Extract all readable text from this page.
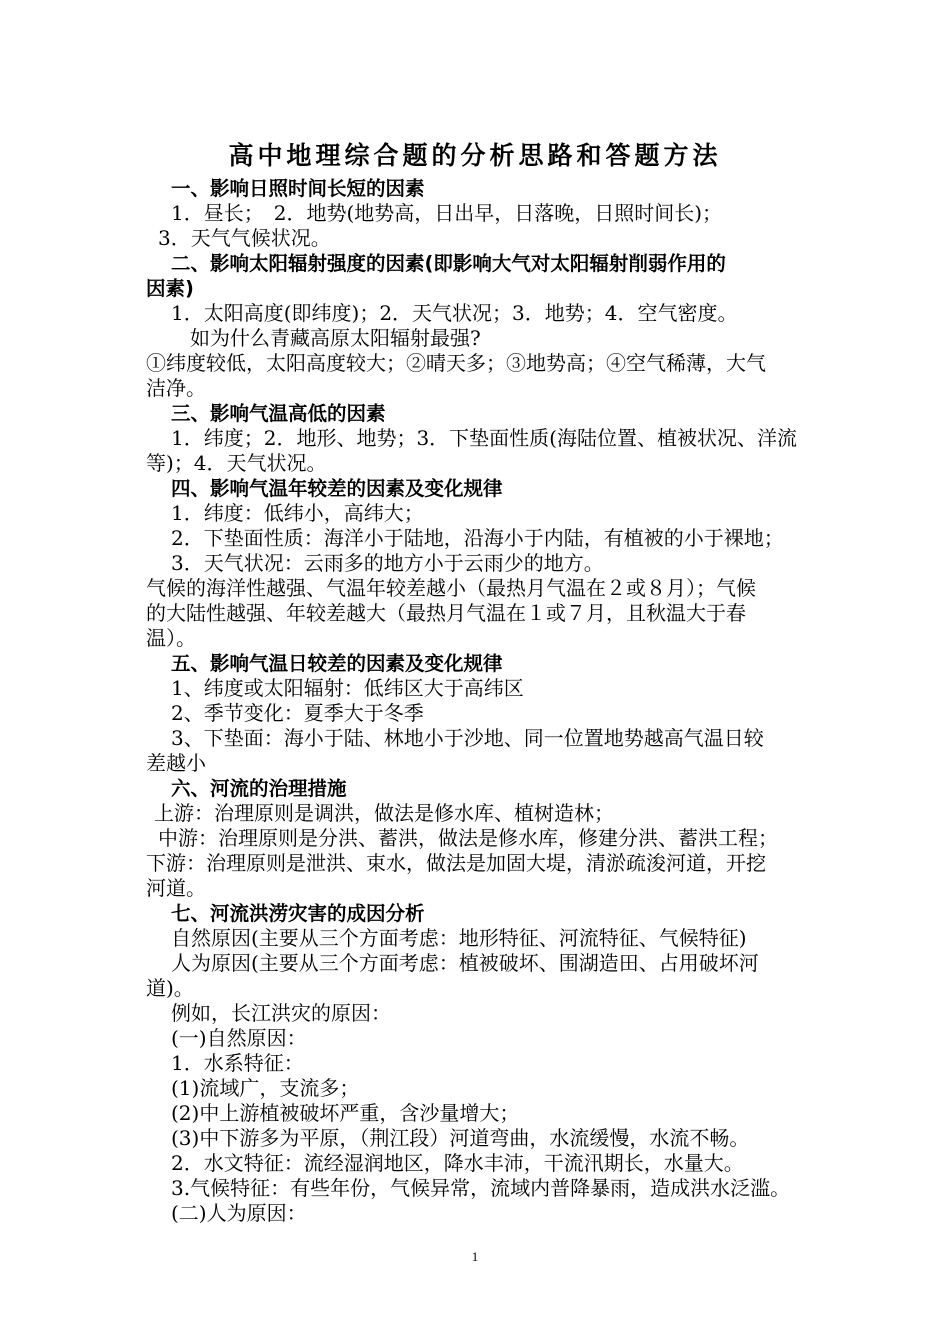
高中地理综合题的分析思路和答题方法
一、影响日照时间长短的因素
1．昼长；　2．地势(地势高，日出早，日落晚，日照时间长)；
3．天气气候状况。
二、影响太阳辐射强度的因素(即影响大气对太阳辐射削弱作用的
因素)
1．太阳高度(即纬度)；2．天气状况；3．地势；4．空气密度。
如为什么青藏高原太阳辐射最强?
①纬度较低，太阳高度较大；②晴天多；③地势高；④空气稀薄，大气
洁净。
三、影响气温高低的因素
1．纬度；2．地形、地势；3．下垫面性质(海陆位置、植被状况、洋流
等)；4．天气状况。
四、影响气温年较差的因素及变化规律
1．纬度：低纬小，高纬大；
2．下垫面性质：海洋小于陆地，沿海小于内陆，有植被的小于裸地；
3．天气状况：云雨多的地方小于云雨少的地方。
气候的海洋性越强、气温年较差越小（最热月气温在２或８月）；气候
的大陆性越强、年较差越大（最热月气温在１或７月，且秋温大于春
温）。
五、影响气温日较差的因素及变化规律
1、纬度或太阳辐射：低纬区大于高纬区
2、季节变化：夏季大于冬季
3、下垫面：海小于陆、林地小于沙地、同一位置地势越高气温日较
差越小
六、河流的治理措施
上游：治理原则是调洪，做法是修水库、植树造林；
中游：治理原则是分洪、蓄洪，做法是修水库，修建分洪、蓄洪工程；
下游：治理原则是泄洪、束水，做法是加固大堤，清淤疏浚河道，开挖
河道。
七、河流洪涝灾害的成因分析
自然原因(主要从三个方面考虑：地形特征、河流特征、气候特征)
人为原因(主要从三个方面考虑：植被破坏、围湖造田、占用破坏河
道)。
例如，长江洪灾的原因：
(一)自然原因：
1．水系特征：
(1)流域广，支流多；
(2)中上游植被破坏严重，含沙量增大；
(3)中下游多为平原，（荆江段）河道弯曲，水流缓慢，水流不畅。
2．水文特征：流经湿润地区，降水丰沛，干流汛期长，水量大。
3.气候特征：有些年份，气候异常，流域内普降暴雨，造成洪水泛滥。
(二)人为原因：
1
